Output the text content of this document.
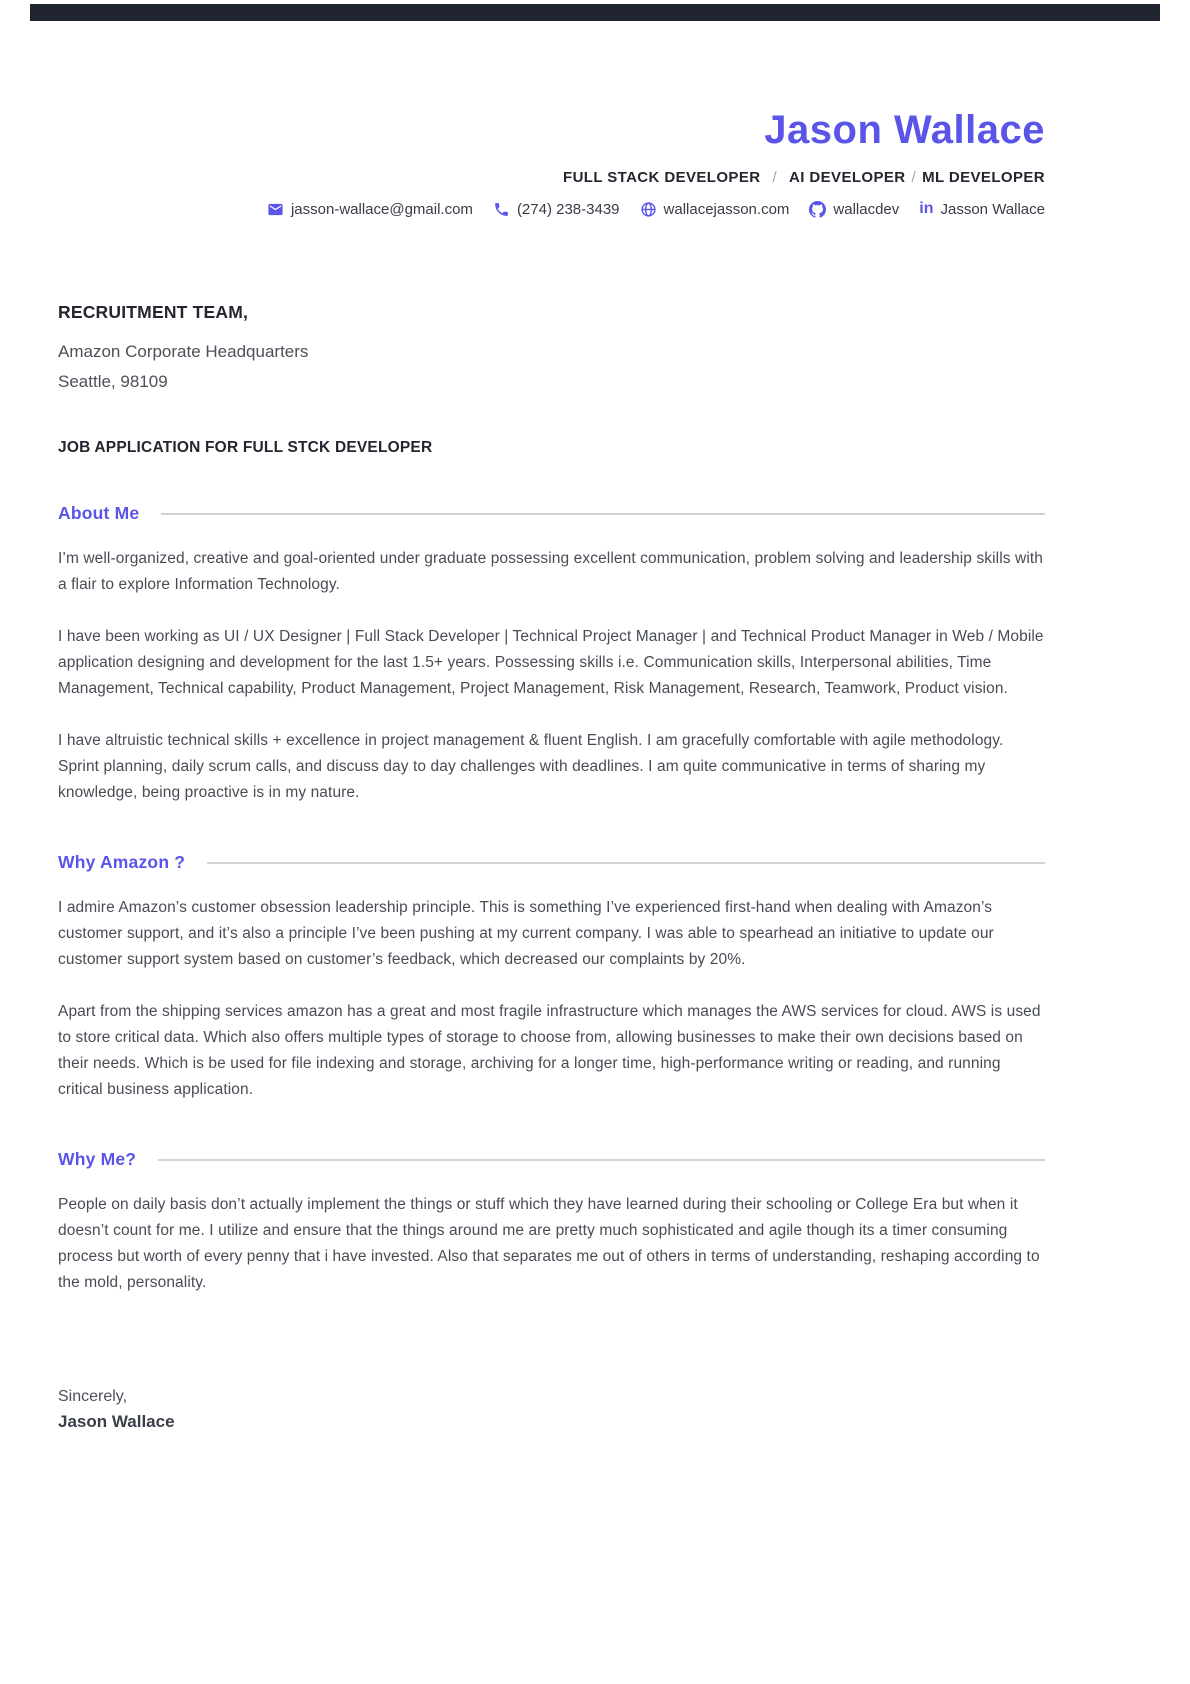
Jason Wallace
FULL STACK DEVELOPER / AI DEVELOPER / ML DEVELOPER
jasson-wallace@gmail.com	(274) 238-3439	wallacejasson.com	wallacdev in Jasson Wallace
RECRUITMENT TEAM,
Amazon Corporate Headquarters
Seattle, 98109
JOB APPLICATION FOR FULL STCK DEVELOPER
About Me

I’m well-organized, creative and goal-oriented under graduate possessing excellent communication, problem solving and leadership skills with a flair to explore Information Technology.

I have been working as UI / UX Designer | Full Stack Developer | Technical Project Manager | and Technical Product Manager in Web / Mobile application designing and development for the last 1.5+ years. Possessing skills i.e. Communication skills, Interpersonal abilities, Time Management, Technical capability, Product Management, Project Management, Risk Management, Research, Teamwork, Product vision.

I have altruistic technical skills + excellence in project management & fluent English. I am gracefully comfortable with agile methodology. Sprint planning, daily scrum calls, and discuss day to day challenges with deadlines. I am quite communicative in terms of sharing my knowledge, being proactive is in my nature.

Why Amazon ?

I admire Amazon’s customer obsession leadership principle. This is something I’ve experienced first-hand when dealing with Amazon’s customer support, and it’s also a principle I’ve been pushing at my current company. I was able to spearhead an initiative to update our customer support system based on customer’s feedback, which decreased our complaints by 20%.

Apart from the shipping services amazon has a great and most fragile infrastructure which manages the AWS services for cloud. AWS is used to store critical data. Which also offers multiple types of storage to choose from, allowing businesses to make their own decisions based on their needs. Which is be used for file indexing and storage, archiving for a longer time, high-performance writing or reading, and running critical business application.

Why Me?

People on daily basis don’t actually implement the things or stuff which they have learned during their schooling or College Era but when it doesn’t count for me. I utilize and ensure that the things around me are pretty much sophisticated and agile though its a timer consuming process but worth of every penny that i have invested. Also that separates me out of others in terms of understanding, reshaping according to the mold, personality.

Sincerely,
Jason Wallace
